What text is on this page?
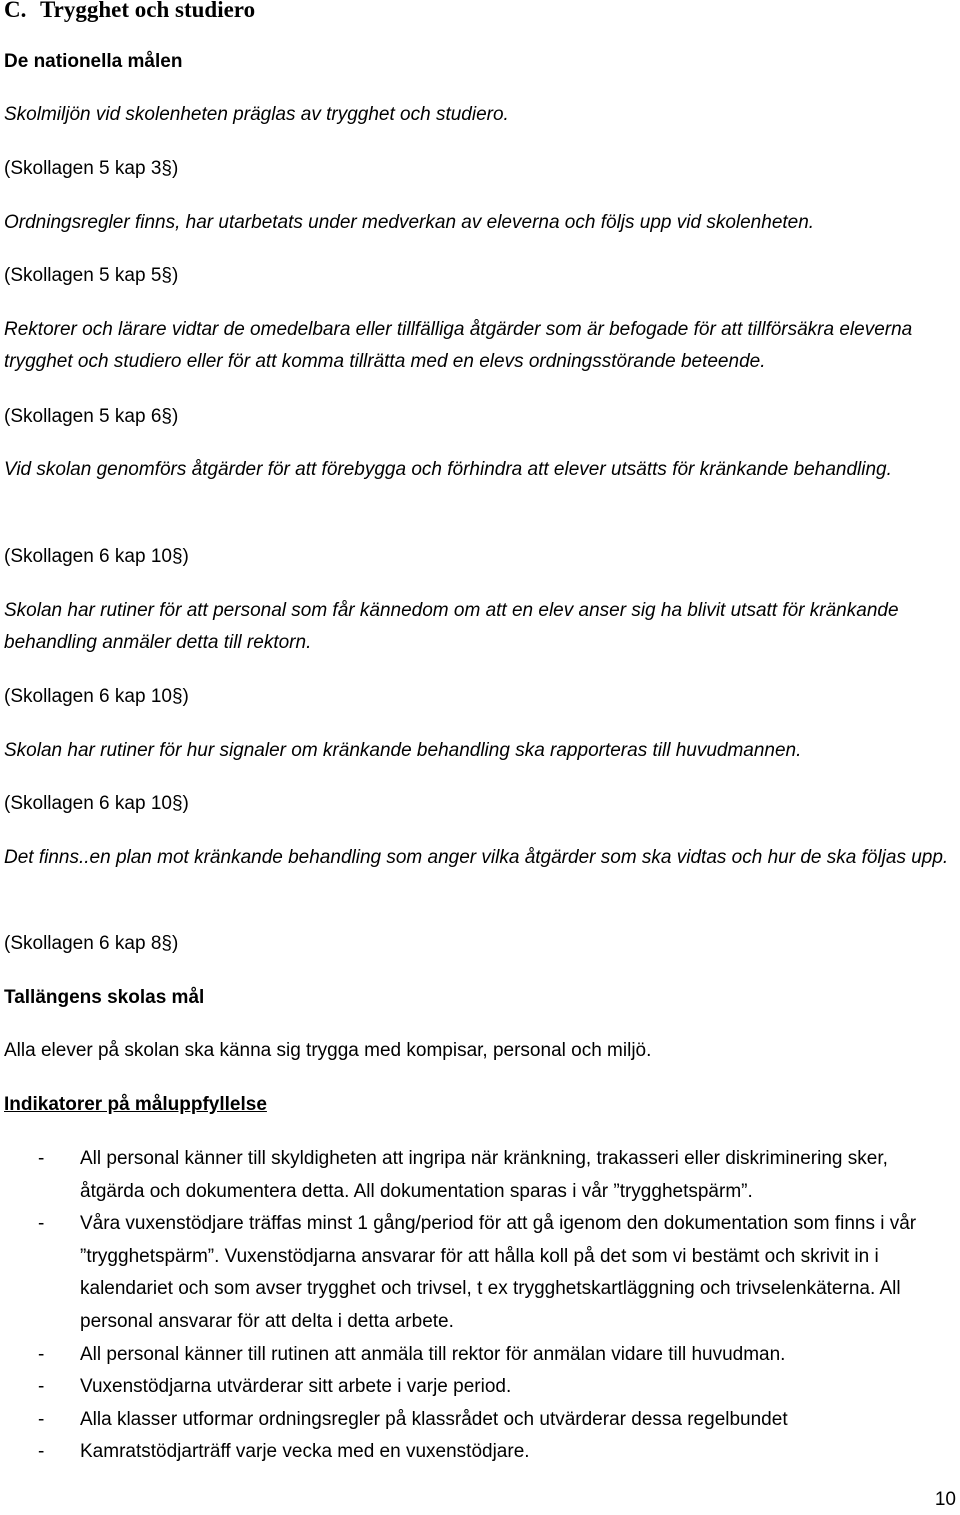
C. Trygghet och studiero

De nationella målen

Skolmiljön vid skolenheten präglas av trygghet och studiero.

(Skollagen 5 kap 3§)

Ordningsregler finns, har utarbetats under medverkan av eleverna och följs upp vid skolenheten.

(Skollagen 5 kap 5§)

Rektorer och lärare vidtar de omedelbara eller tillfälliga åtgärder som är befogade för att tillförsäkra eleverna trygghet och studiero eller för att komma tillrätta med en elevs ordningsstörande beteende.

(Skollagen 5 kap 6§)

Vid skolan genomförs åtgärder för att förebygga och förhindra att elever utsätts för kränkande behandling.

(Skollagen 6 kap 10§)

Skolan har rutiner för att personal som får kännedom om att en elev anser sig ha blivit utsatt för kränkande behandling anmäler detta till rektorn.

(Skollagen 6 kap 10§)

Skolan har rutiner för hur signaler om kränkande behandling ska rapporteras till huvudmannen.

(Skollagen 6 kap 10§)

Det finns..en plan mot kränkande behandling som anger vilka åtgärder som ska vidtas och hur de ska följas upp.

(Skollagen 6 kap 8§)

Tallängens skolas mål

Alla elever på skolan ska känna sig trygga med kompisar, personal och miljö.

Indikatorer på måluppfyllelse

- All personal känner till skyldigheten att ingripa när kränkning, trakasseri eller diskriminering sker, åtgärda och dokumentera detta. All dokumentation sparas i vår ”trygghetspärm”.
- Våra vuxenstödjare träffas minst 1 gång/period för att gå igenom den dokumentation som finns i vår ”trygghetspärm”. Vuxenstödjarna ansvarar för att hålla koll på det som vi bestämt och skrivit in i kalendariet och som avser trygghet och trivsel, t ex trygghetskartläggning och trivselenkäterna. All personal ansvarar för att delta i detta arbete.
- All personal känner till rutinen att anmäla till rektor för anmälan vidare till huvudman.
- Vuxenstödjarna utvärderar sitt arbete i varje period.
- Alla klasser utformar ordningsregler på klassrådet och utvärderar dessa regelbundet
- Kamratstödjarträff varje vecka med en vuxenstödjare.
10
